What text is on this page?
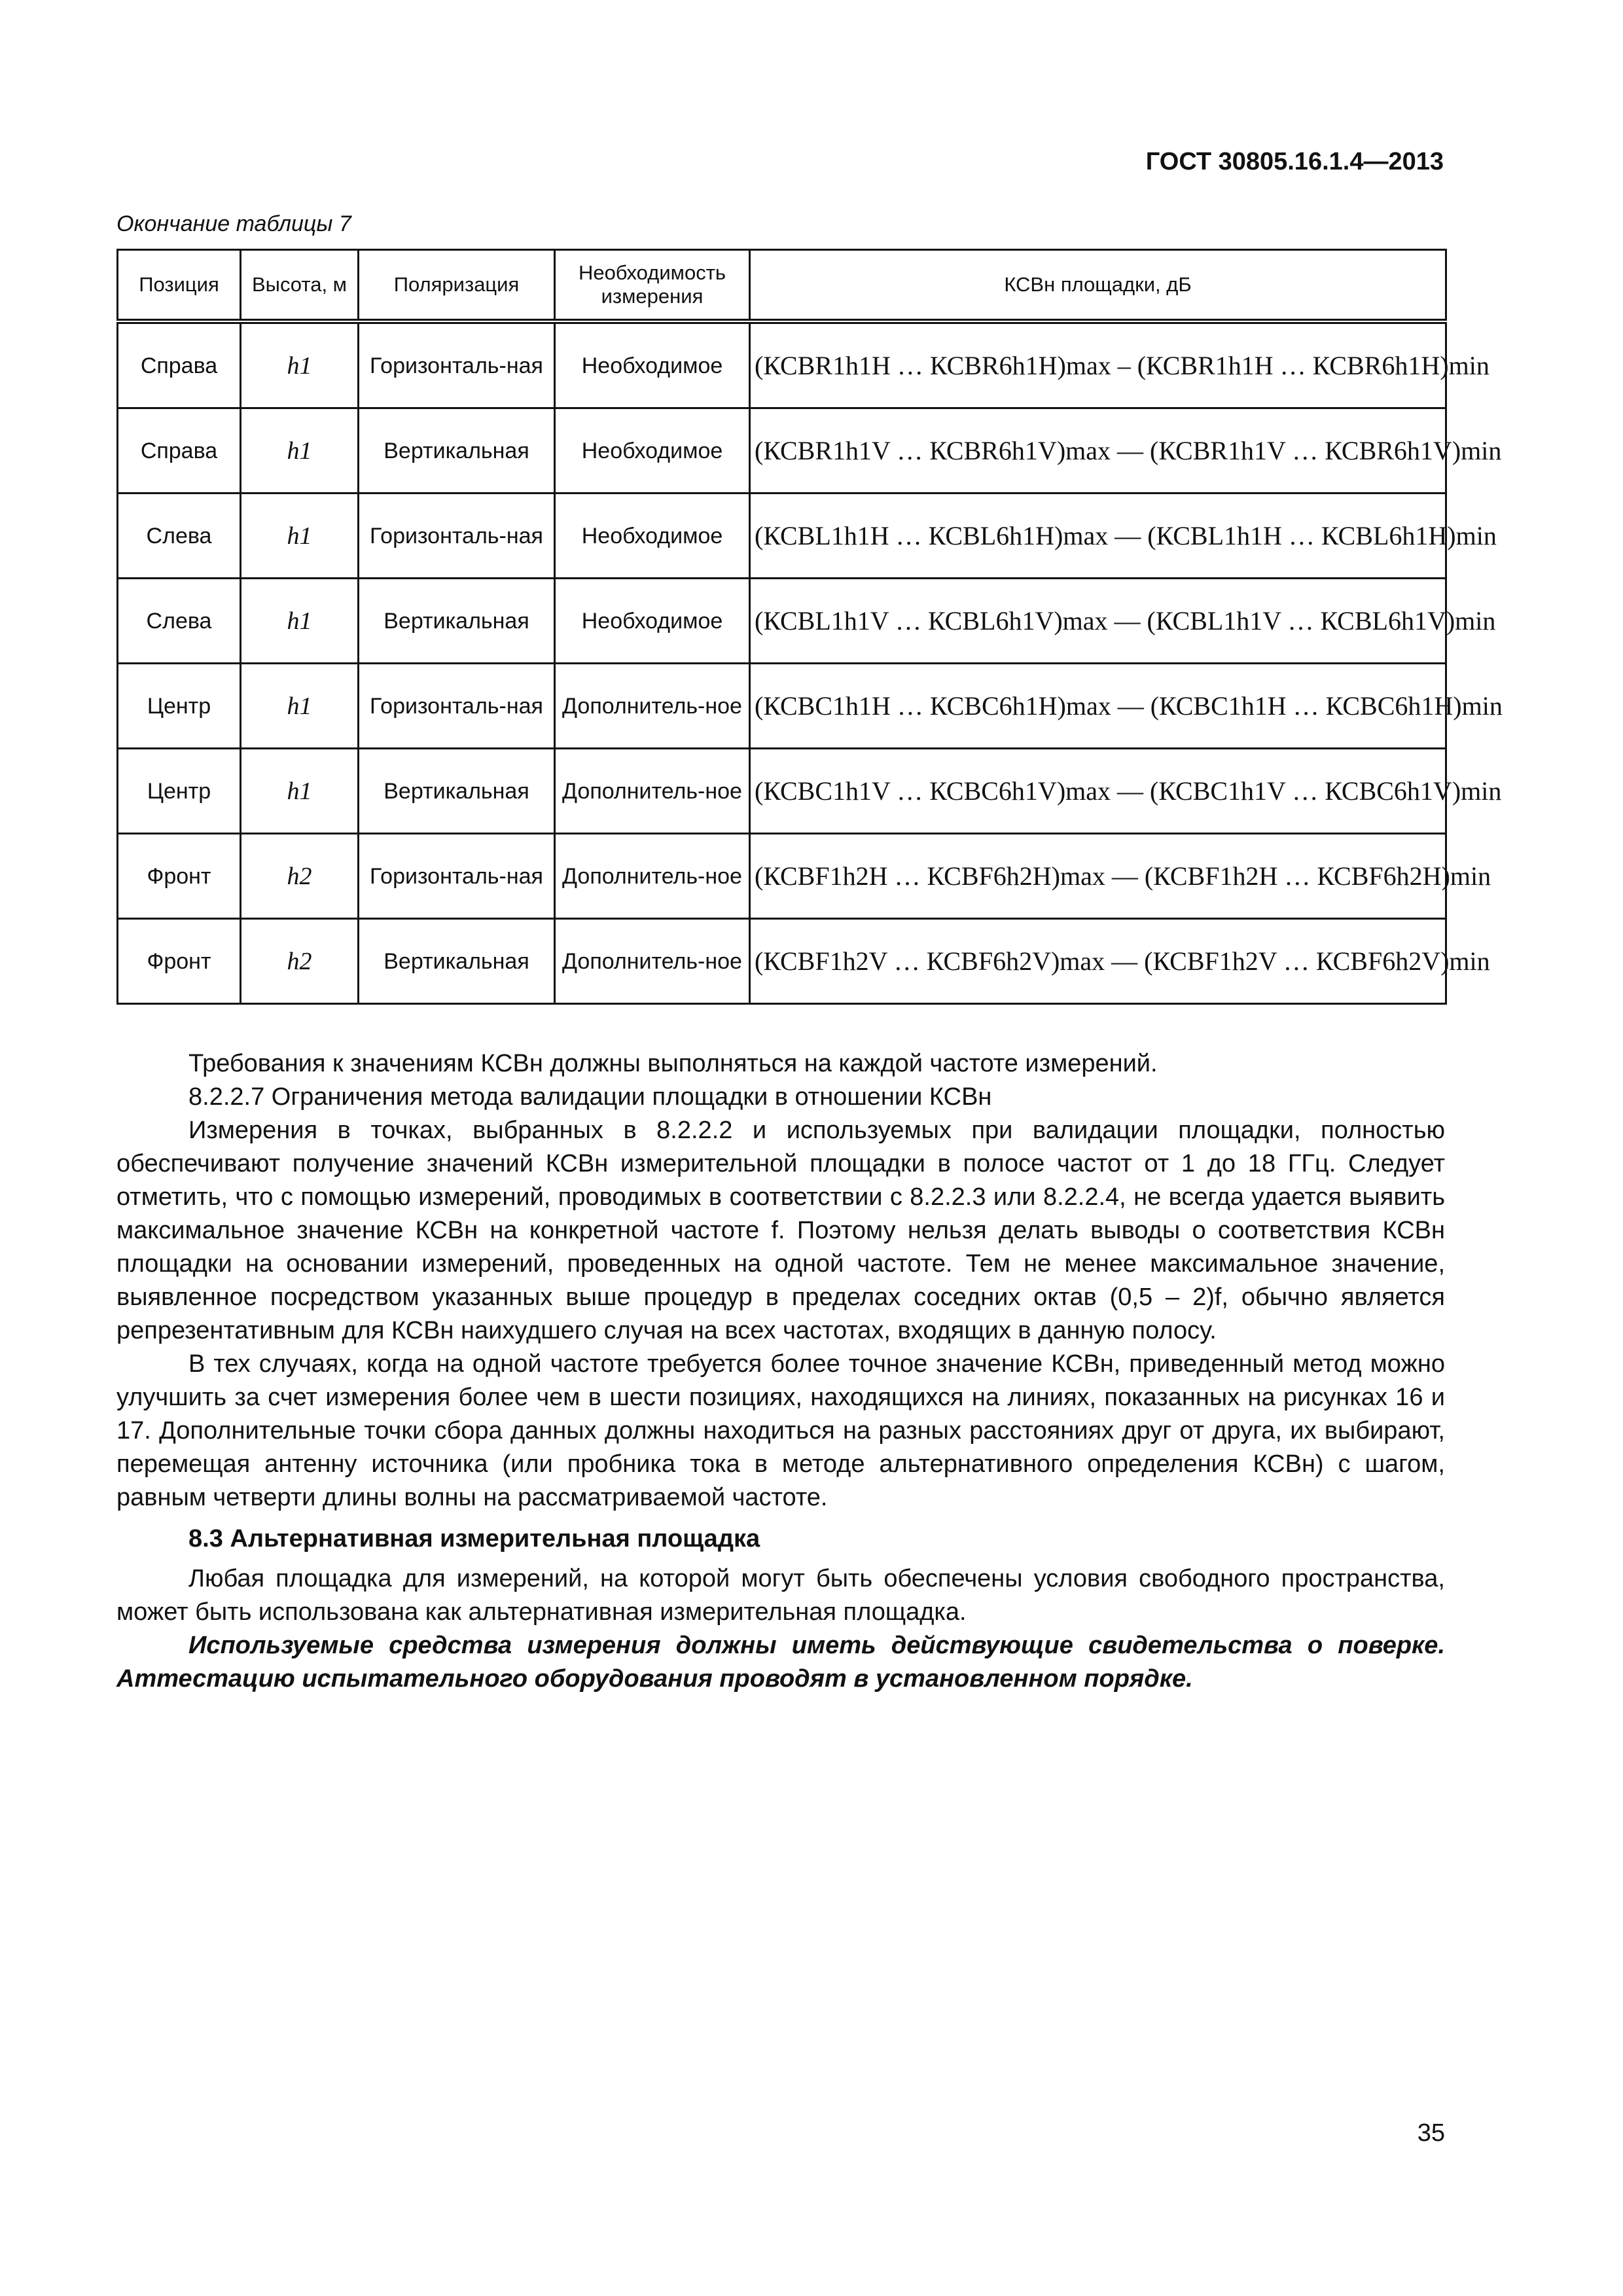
ГОСТ 30805.16.1.4—2013
Окончание таблицы 7
Позиция	Высота, м	Поляризация	Необходимость измерения	КСВн площадки, дБ
Справа	h1	Горизонталь-ная	Необходимое	(КСВR1h1H … КСВR6h1H)max – (КСВR1h1H … КСВR6h1H)min
Справа	h1	Вертикальная	Необходимое	(КСВR1h1V … КСВR6h1V)max — (КСВR1h1V … КСВR6h1V)min
Слева	h1	Горизонталь-ная	Необходимое	(КСВL1h1H … КСВL6h1H)max — (КСВL1h1H … КСВL6h1H)min
Слева	h1	Вертикальная	Необходимое	(КСВL1h1V … КСВL6h1V)max — (КСВL1h1V … КСВL6h1V)min
Центр	h1	Горизонталь-ная	Дополнитель-ное	(КСВC1h1H … КСВC6h1H)max — (КСВC1h1H … КСВC6h1H)min
Центр	h1	Вертикальная	Дополнитель-ное	(КСВC1h1V … КСВC6h1V)max — (КСВC1h1V … КСВC6h1V)min
Фронт	h2	Горизонталь-ная	Дополнитель-ное	(КСВF1h2H … КСВF6h2H)max — (КСВF1h2H … КСВF6h2H)min
Фронт	h2	Вертикальная	Дополнитель-ное	(КСВF1h2V … КСВF6h2V)max — (КСВF1h2V … КСВF6h2V)min

Требования к значениям КСВн должны выполняться на каждой частоте измерений.

8.2.2.7 Ограничения метода валидации площадки в отношении КСВн

Измерения в точках, выбранных в 8.2.2.2 и используемых при валидации площадки, полностью обеспечивают получение значений КСВн измерительной площадки в полосе частот от 1 до 18 ГГц. Следует отметить, что с помощью измерений, проводимых в соответствии с 8.2.2.3 или 8.2.2.4, не всегда удается выявить максимальное значение КСВн на конкретной частоте f. Поэтому нельзя делать выводы о соответствия КСВн площадки на основании измерений, проведенных на одной частоте. Тем не менее максимальное значение, выявленное посредством указанных выше процедур в пределах соседних октав (0,5 – 2)f, обычно является репрезентативным для КСВн наихудшего случая на всех частотах, входящих в данную полосу.

В тех случаях, когда на одной частоте требуется более точное значение КСВн, приведенный метод можно улучшить за счет измерения более чем в шести позициях, находящихся на линиях, показанных на рисунках 16 и 17. Дополнительные точки сбора данных должны находиться на разных расстояниях друг от друга, их выбирают, перемещая антенну источника (или пробника тока в методе альтернативного определения КСВн) с шагом, равным четверти длины волны на рассматриваемой частоте.

8.3 Альтернативная измерительная площадка

Любая площадка для измерений, на которой могут быть обеспечены условия свободного пространства, может быть использована как альтернативная измерительная площадка.

Используемые средства измерения должны иметь действующие свидетельства о поверке. Аттестацию испытательного оборудования проводят в установленном порядке.

35
